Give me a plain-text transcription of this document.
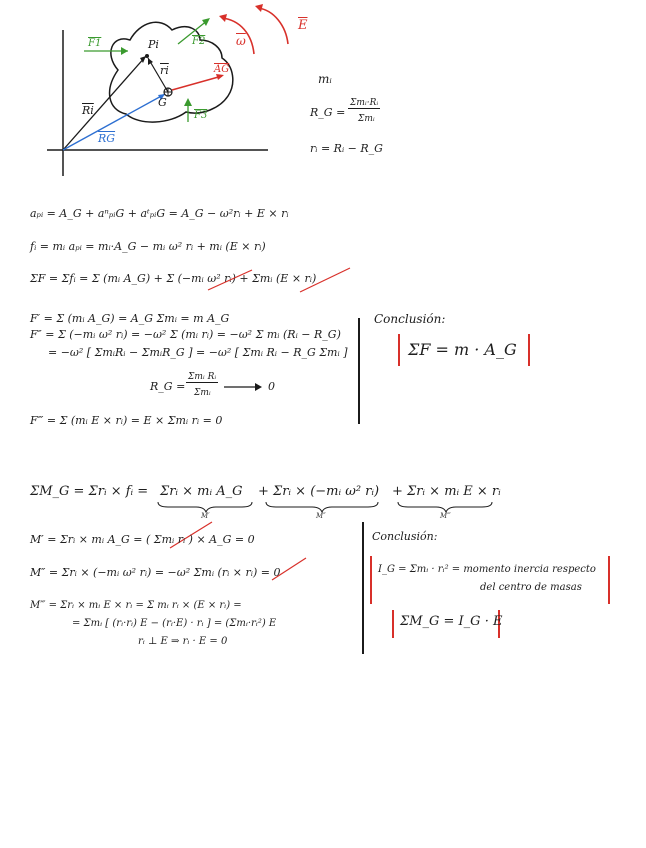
F1	F2
F3
Pi
$\overline{ri}$
$\overline{Ri}$
G
$\overline{AG}$
$\overline{RG}$
$\overline{\omega}$
$\overline{E}$
mᵢ
R_G =
Σmᵢ·Rᵢ
Σmᵢ
rᵢ = Rᵢ − R_G
aₚᵢ = A_G + aⁿₚᵢG + aᵗₚᵢG = A_G − ω²rᵢ + E × rᵢ
fᵢ = mᵢ aₚᵢ = mᵢ·A_G − mᵢ ω² rᵢ + mᵢ (E × rᵢ)
ΣF = Σfᵢ = Σ (mᵢ A_G) + Σ (−mᵢ ω² rᵢ) + Σmᵢ (E × rᵢ)
F′ = Σ (mᵢ A_G) = A_G Σmᵢ = m A_G
F″ = Σ (−mᵢ ω² rᵢ) = −ω² Σ (mᵢ rᵢ) = −ω² Σ mᵢ (Rᵢ − R_G)
= −ω² [ ΣmᵢRᵢ − ΣmᵢR_G ] = −ω² [ Σmᵢ Rᵢ − R_G Σmᵢ ]
R_G =
Σmᵢ Rᵢ
Σmᵢ	0
F‴ = Σ (mᵢ E × rᵢ) = E × Σmᵢ rᵢ = 0
Conclusión:
ΣF = m · A_G
ΣM_G = Σrᵢ × fᵢ = Σrᵢ × mᵢ A_G + Σrᵢ × (−mᵢ ω² rᵢ) + Σrᵢ × mᵢ E × rᵢ
M′	M″	M‴
M′ = Σrᵢ × mᵢ A_G = ( Σmᵢ rᵢ ) × A_G = 0
M″ = Σrᵢ × (−mᵢ ω² rᵢ) = −ω² Σmᵢ (rᵢ × rᵢ) = 0
M‴ = Σrᵢ × mᵢ E × rᵢ = Σ mᵢ rᵢ × (E × rᵢ) =
= Σmᵢ [ (rᵢ·rᵢ) E − (rᵢ·E) · rᵢ ] = (Σmᵢ·rᵢ²) E
rᵢ ⊥ E ⇒ rᵢ · E = 0
Conclusión:
I_G = Σmᵢ · rᵢ² = momento inercia respecto
del centro de masas
ΣM_G = I_G · E
